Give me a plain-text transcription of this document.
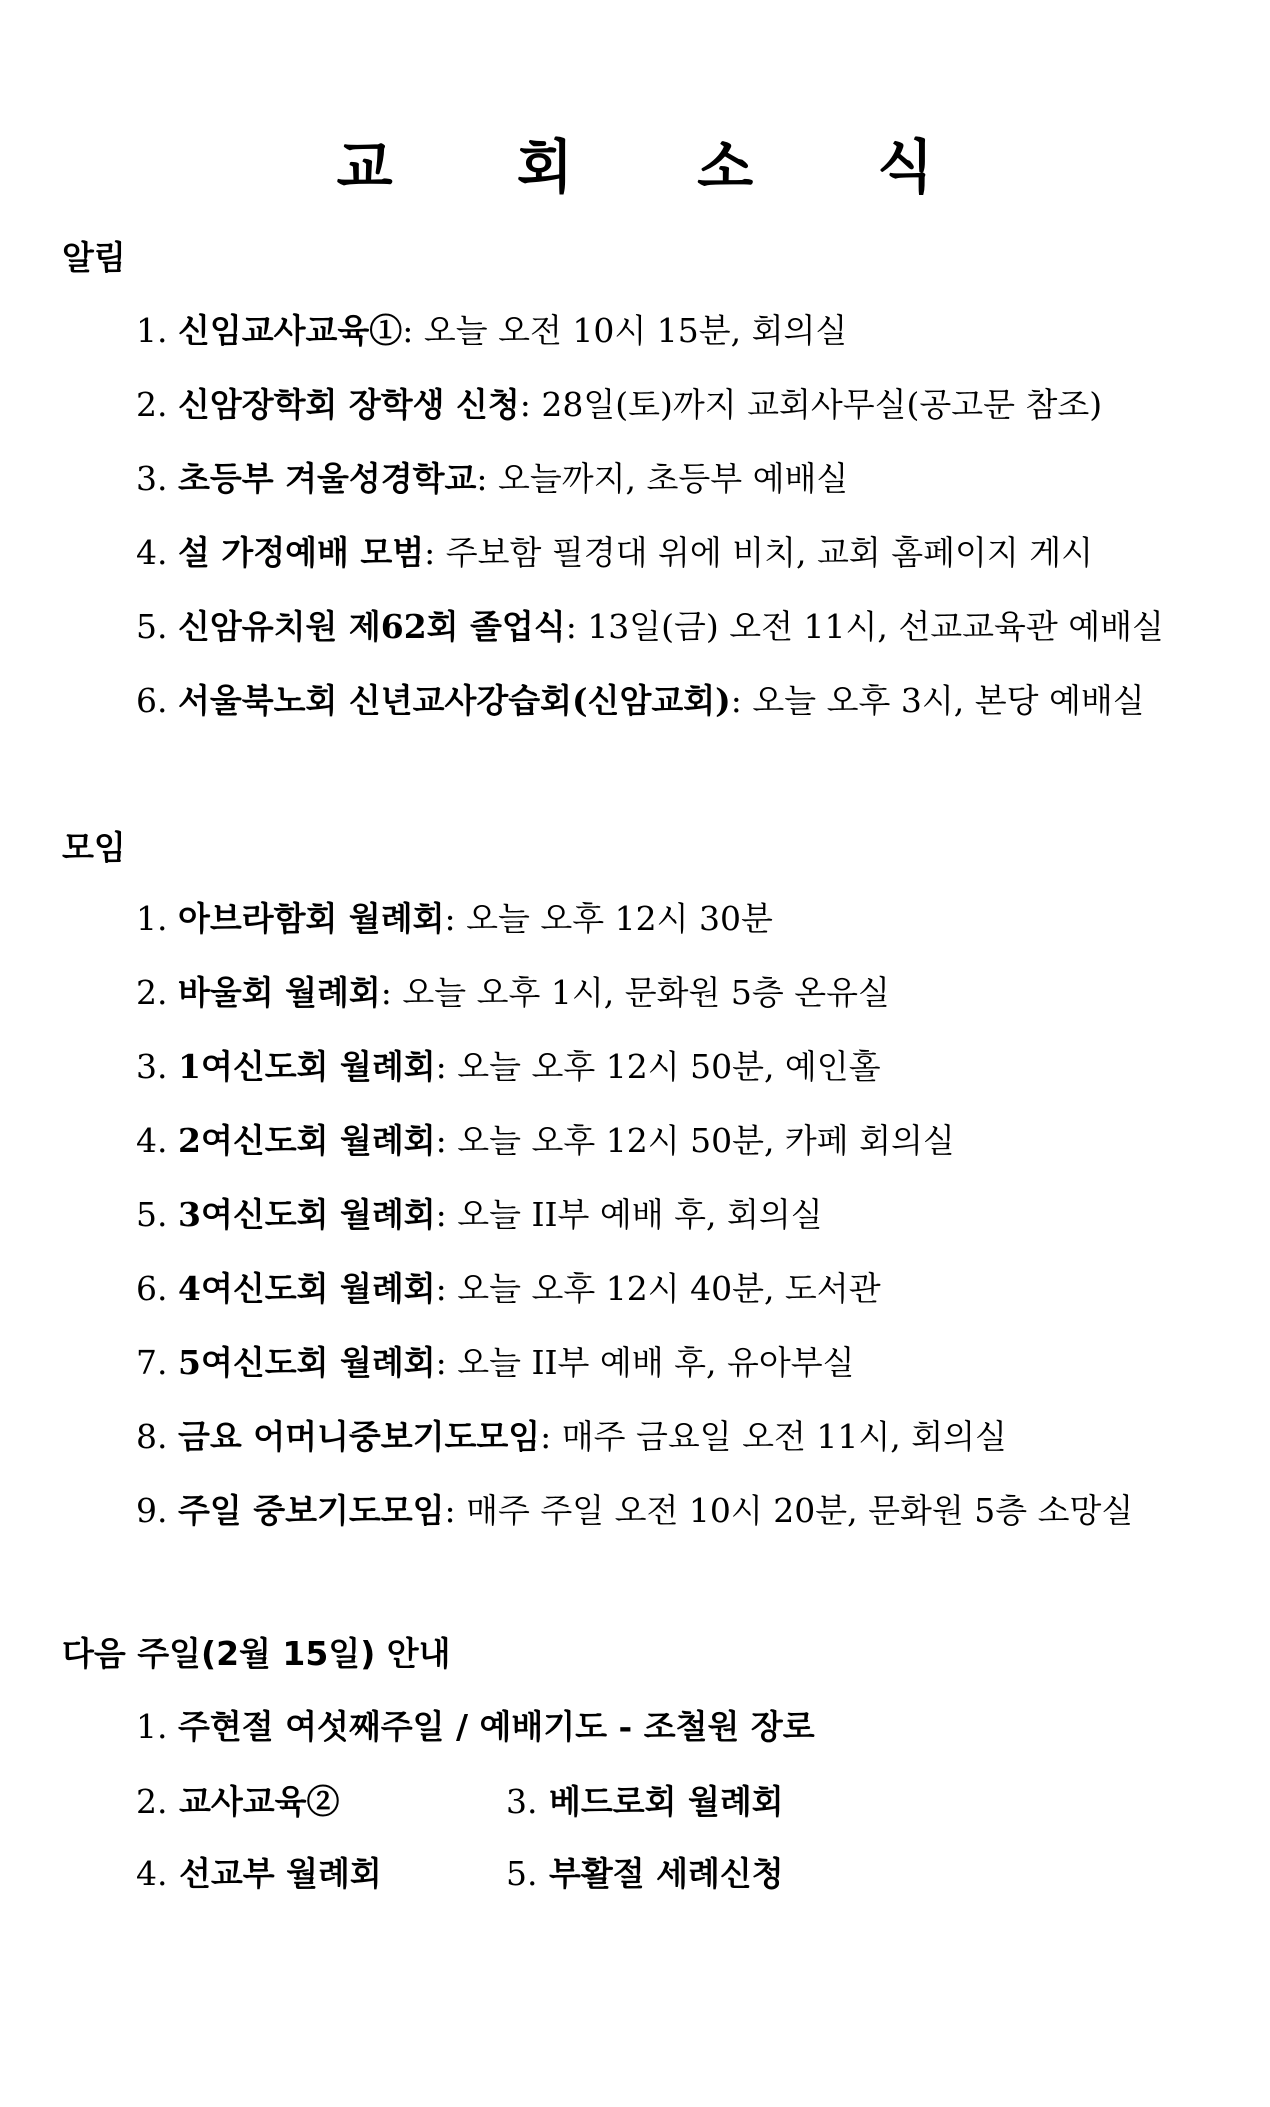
교 회 소 식
알림
1. 신임교사교육①: 오늘 오전 10시 15분, 회의실
2. 신암장학회 장학생 신청: 28일(토)까지 교회사무실(공고문 참조)
3. 초등부 겨울성경학교: 오늘까지, 초등부 예배실
4. 설 가정예배 모범: 주보함 필경대 위에 비치, 교회 홈페이지 게시
5. 신암유치원 제62회 졸업식: 13일(금) 오전 11시, 선교교육관 예배실
6. 서울북노회 신년교사강습회(신암교회): 오늘 오후 3시, 본당 예배실
모임
1. 아브라함회 월례회: 오늘 오후 12시 30분
2. 바울회 월례회: 오늘 오후 1시, 문화원 5층 온유실
3. 1여신도회 월례회: 오늘 오후 12시 50분, 예인홀
4. 2여신도회 월례회: 오늘 오후 12시 50분, 카페 회의실
5. 3여신도회 월례회: 오늘 II부 예배 후, 회의실
6. 4여신도회 월례회: 오늘 오후 12시 40분, 도서관
7. 5여신도회 월례회: 오늘 II부 예배 후, 유아부실
8. 금요 어머니중보기도모임: 매주 금요일 오전 11시, 회의실
9. 주일 중보기도모임: 매주 주일 오전 10시 20분, 문화원 5층 소망실
다음 주일(2월 15일) 안내
1. 주현절 여섯째주일 / 예배기도 - 조철원 장로
2. 교사교육②	3. 베드로회 월례회
4. 선교부 월례회	5. 부활절 세례신청
